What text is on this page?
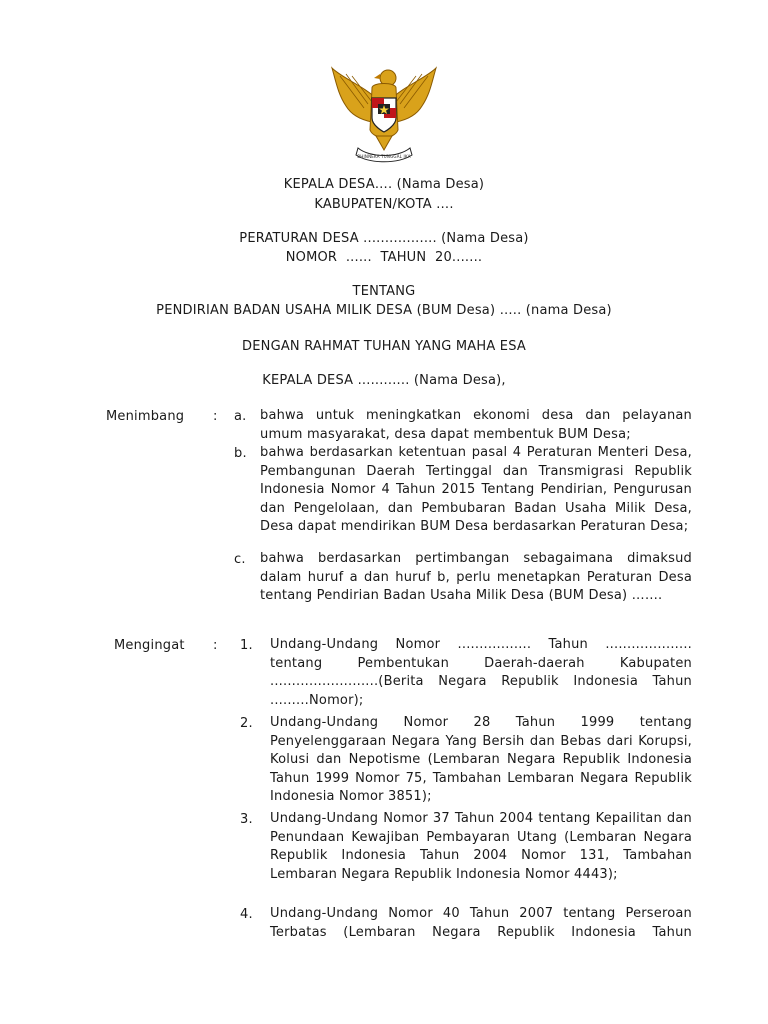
BHINNEKA TUNGGAL IKA
KEPALA DESA…. (Nama Desa)
KABUPATEN/KOTA ….
PERATURAN DESA ................. (Nama Desa)
NOMOR  ......  TAHUN  20.......
TENTANG
PENDIRIAN BADAN USAHA MILIK DESA (BUM Desa) ….. (nama Desa)
DENGAN RAHMAT TUHAN YANG MAHA ESA
KEPALA DESA ............ (Nama Desa),
Menimbang : a. bahwa untuk meningkatkan ekonomi desa dan pelayanan umum masyarakat, desa dapat membentuk BUM Desa;
b. bahwa berdasarkan ketentuan pasal 4 Peraturan Menteri Desa, Pembangunan Daerah Tertinggal dan Transmigrasi Republik Indonesia Nomor 4 Tahun 2015 Tentang Pendirian, Pengurusan dan Pengelolaan, dan Pembubaran Badan Usaha Milik Desa, Desa dapat mendirikan BUM Desa berdasarkan Peraturan Desa;
c. bahwa berdasarkan pertimbangan sebagaimana dimaksud dalam huruf a dan huruf b, perlu menetapkan Peraturan Desa tentang Pendirian Badan Usaha Milik Desa (BUM Desa) …….
Mengingat : 1. Undang-Undang Nomor ................. Tahun .................... tentang Pembentukan Daerah-daerah Kabupaten .........................(Berita Negara Republik Indonesia Tahun .........Nomor);
2. Undang-Undang Nomor 28 Tahun 1999 tentang Penyelenggaraan Negara Yang Bersih dan Bebas dari Korupsi, Kolusi dan Nepotisme (Lembaran Negara Republik Indonesia Tahun 1999 Nomor 75, Tambahan Lembaran Negara Republik Indonesia Nomor 3851);
3. Undang-Undang Nomor 37 Tahun 2004 tentang Kepailitan dan Penundaan Kewajiban Pembayaran Utang (Lembaran Negara Republik Indonesia Tahun 2004 Nomor 131, Tambahan Lembaran Negara Republik Indonesia Nomor 4443);
4. Undang-Undang Nomor 40 Tahun 2007 tentang Perseroan Terbatas (Lembaran Negara Republik Indonesia Tahun
